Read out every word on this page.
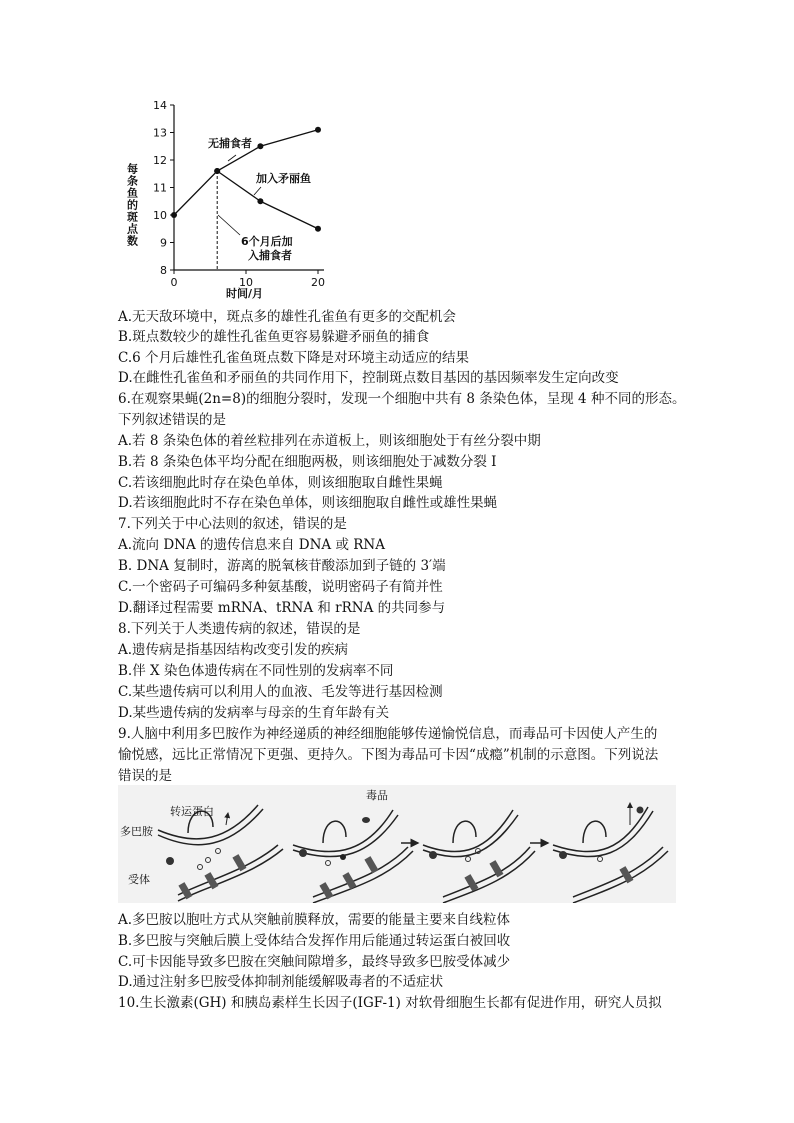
每条鱼的斑点数
8
9
10
11
12
13
14
0	10	20
无捕食者
加入矛丽鱼
6个月后加
入捕食者
时间/月
转运蛋白
多巴胺
受体
毒品
A.无天敌环境中，斑点多的雄性孔雀鱼有更多的交配机会
B.斑点数较少的雄性孔雀鱼更容易躲避矛丽鱼的捕食
C.6 个月后雄性孔雀鱼斑点数下降是对环境主动适应的结果
D.在雌性孔雀鱼和矛丽鱼的共同作用下，控制斑点数目基因的基因频率发生定向改变
6.在观察果蝇(2n=8)的细胞分裂时，发现一个细胞中共有 8 条染色体，呈现 4 种不同的形态。
下列叙述错误的是
A.若 8 条染色体的着丝粒排列在赤道板上，则该细胞处于有丝分裂中期
B.若 8 条染色体平均分配在细胞两极，则该细胞处于减数分裂 I
C.若该细胞此时存在染色单体，则该细胞取自雌性果蝇
D.若该细胞此时不存在染色单体，则该细胞取自雌性或雄性果蝇
7.下列关于中心法则的叙述，错误的是
A.流向 DNA 的遗传信息来自 DNA 或 RNA
B. DNA 复制时，游离的脱氧核苷酸添加到子链的 3′端
C.一个密码子可编码多种氨基酸，说明密码子有简并性
D.翻译过程需要 mRNA、tRNA 和 rRNA 的共同参与
8.下列关于人类遗传病的叙述，错误的是
A.遗传病是指基因结构改变引发的疾病
B.伴 X 染色体遗传病在不同性别的发病率不同
C.某些遗传病可以利用人的血液、毛发等进行基因检测
D.某些遗传病的发病率与母亲的生育年龄有关
9.人脑中利用多巴胺作为神经递质的神经细胞能够传递愉悦信息，而毒品可卡因使人产生的
愉悦感，远比正常情况下更强、更持久。下图为毒品可卡因“成瘾”机制的示意图。下列说法
错误的是
A.多巴胺以胞吐方式从突触前膜释放，需要的能量主要来自线粒体
B.多巴胺与突触后膜上受体结合发挥作用后能通过转运蛋白被回收
C.可卡因能导致多巴胺在突触间隙增多，最终导致多巴胺受体减少
D.通过注射多巴胺受体抑制剂能缓解吸毒者的不适症状
10.生长激素(GH) 和胰岛素样生长因子(IGF-1) 对软骨细胞生长都有促进作用，研究人员拟
